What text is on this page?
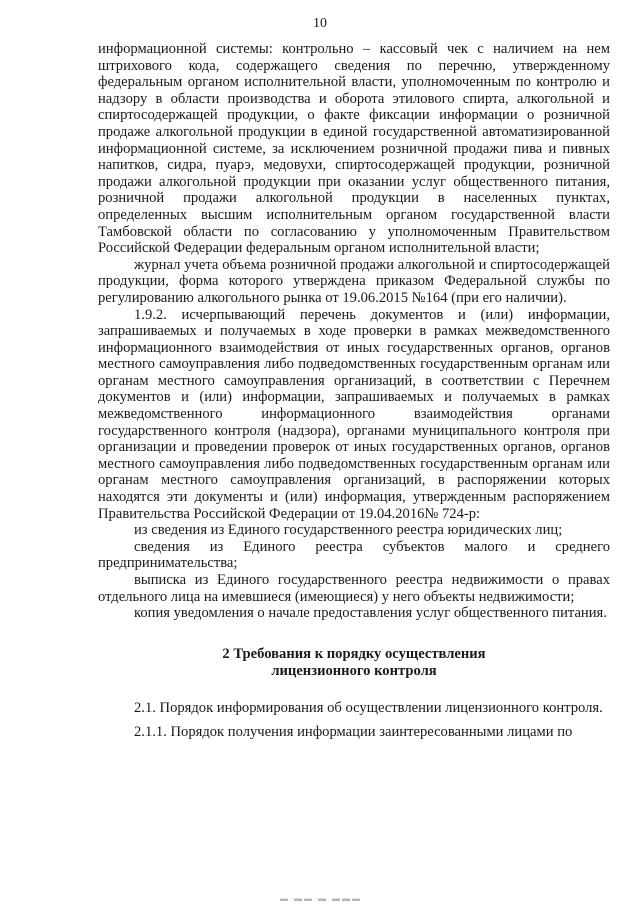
10

информационной системы: контрольно – кассовый чек с наличием на нем штрихового кода, содержащего сведения по перечню, утвержденному федеральным органом исполнительной власти, уполномоченным по контролю и надзору в области производства и оборота этилового спирта, алкогольной и спиртосодержащей продукции, о факте фиксации информации о розничной продаже алкогольной продукции в единой государственной автоматизированной информационной системе, за исключением розничной продажи пива и пивных напитков, сидра, пуарэ, медовухи, спиртосодержащей продукции, розничной продажи алкогольной продукции при оказании услуг общественного питания, розничной продажи алкогольной продукции в населенных пунктах, определенных высшим исполнительным органом государственной власти Тамбовской области по согласованию у уполномоченным Правительством Российской Федерации федеральным органом исполнительной власти;

журнал учета объема розничной продажи алкогольной и спиртосодержащей продукции, форма которого утверждена приказом Федеральной службы по регулированию алкогольного рынка от 19.06.2015 №164 (при его наличии).

1.9.2. исчерпывающий перечень документов и (или) информации, запрашиваемых и получаемых в ходе проверки в рамках межведомственного информационного взаимодействия от иных государственных органов, органов местного самоуправления либо подведомственных государственным органам или органам местного самоуправления организаций, в соответствии с Перечнем документов и (или) информации, запрашиваемых и получаемых в рамках межведомственного информационного взаимодействия органами государственного контроля (надзора), органами муниципального контроля при организации и проведении проверок от иных государственных органов, органов местного самоуправления либо подведомственных государственным органам или органам местного самоуправления организаций, в распоряжении которых находятся эти документы и (или) информация, утвержденным распоряжением Правительства Российской Федерации от 19.04.2016№ 724-р:

из сведения из Единого государственного реестра юридических лиц;

сведения из Единого реестра субъектов малого и среднего предпринимательства;

выписка из Единого государственного реестра недвижимости о правах отдельного лица на имевшиеся (имеющиеся) у него объекты недвижимости;

копия уведомления о начале предоставления услуг общественного питания.

2 Требования к порядку осуществления
лицензионного контроля

2.1. Порядок информирования об осуществлении лицензионного контроля.

2.1.1. Порядок получения информации заинтересованными лицами по

▬ ▬▬ ▬ ▬▬▬
